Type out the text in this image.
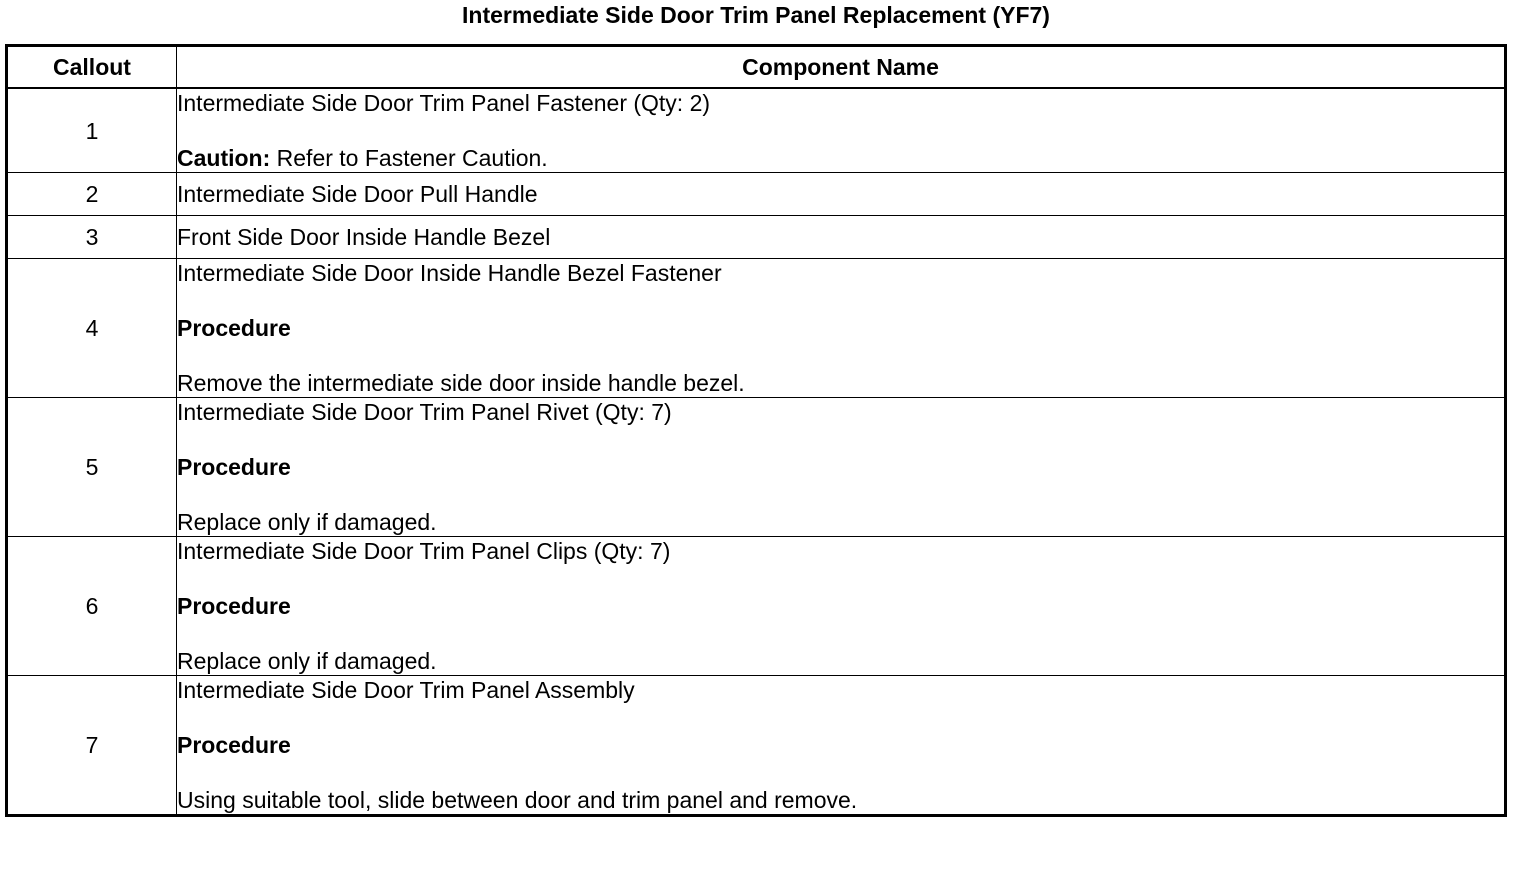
Intermediate Side Door Trim Panel Replacement (YF7)
Callout	Component Name
1	Intermediate Side Door Trim Panel Fastener (Qty: 2)

Caution: Refer to Fastener Caution.

2	Intermediate Side Door Pull Handle

3	Front Side Door Inside Handle Bezel

4	Intermediate Side Door Inside Handle Bezel Fastener

Procedure

Remove the intermediate side door inside handle bezel.

5	Intermediate Side Door Trim Panel Rivet (Qty: 7)

Procedure

Replace only if damaged.

6	Intermediate Side Door Trim Panel Clips (Qty: 7)

Procedure

Replace only if damaged.

7	Intermediate Side Door Trim Panel Assembly

Procedure

Using suitable tool, slide between door and trim panel and remove.
